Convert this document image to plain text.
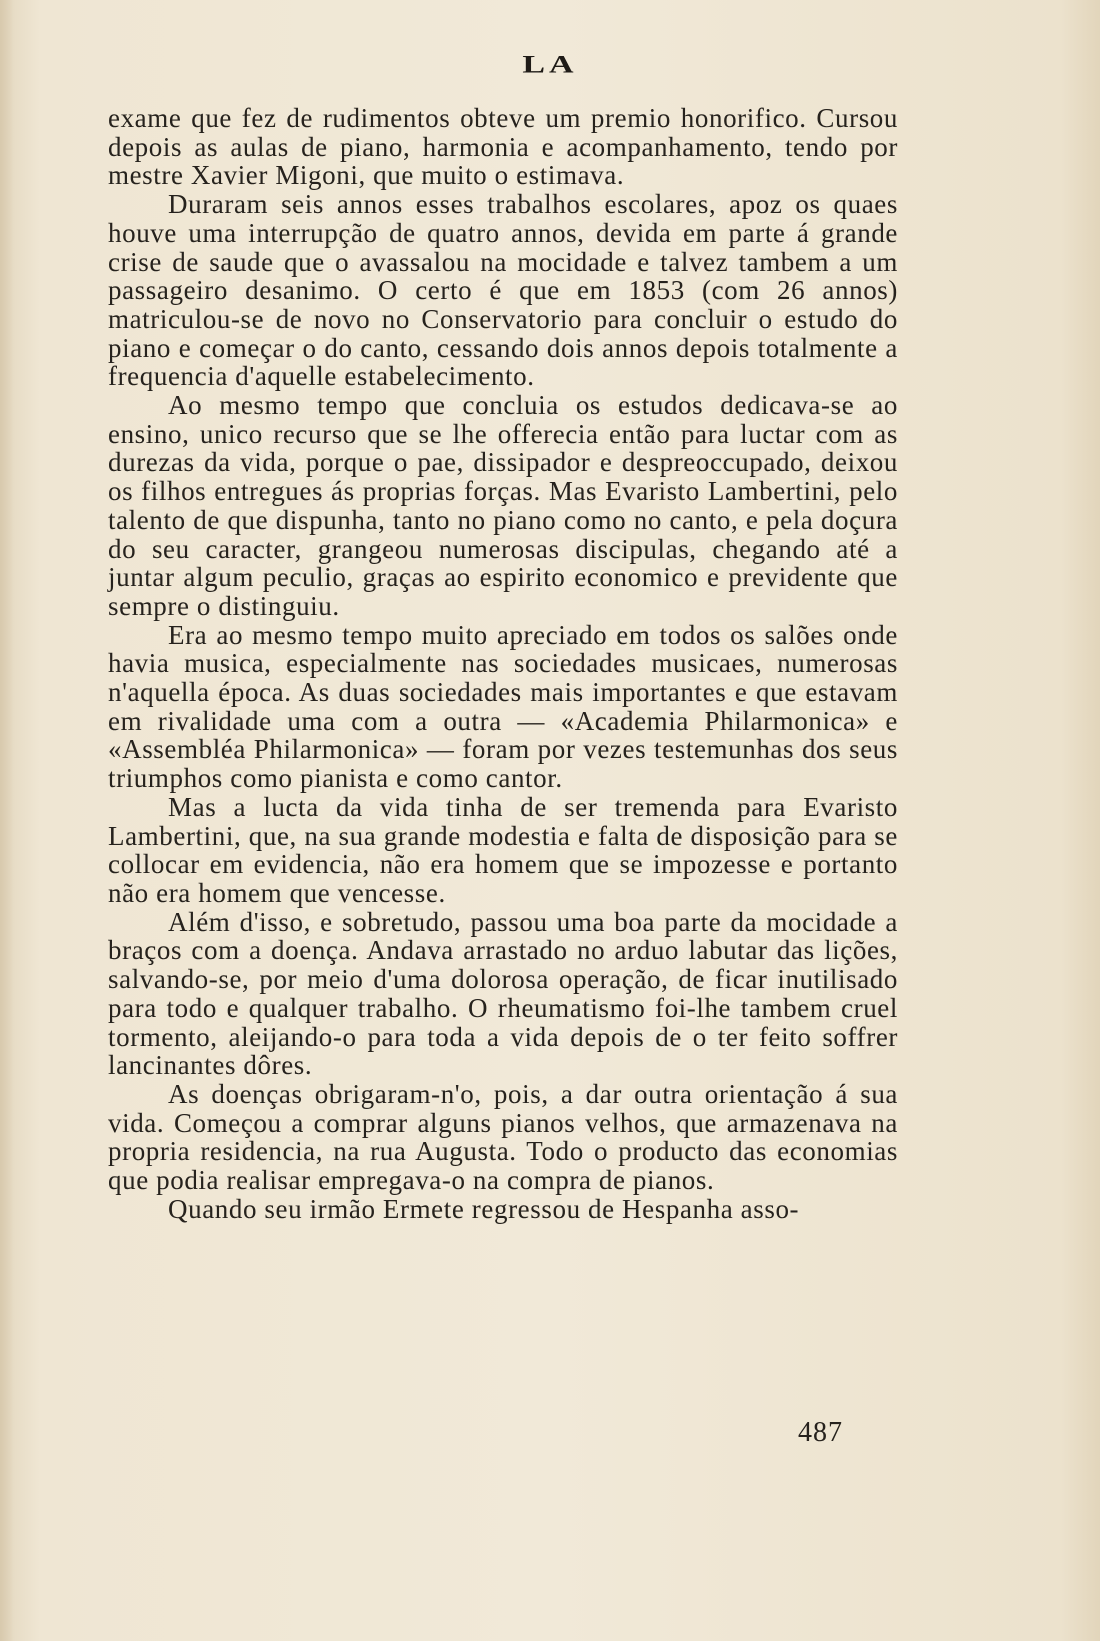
LA

exame que fez de rudimentos obteve um premio honorifico. Cursou depois as aulas de piano, harmonia e acompanhamento, tendo por mestre Xavier Migoni, que muito o estimava.

Duraram seis annos esses trabalhos escolares, apoz os quaes houve uma interrupção de quatro annos, devida em parte á grande crise de saude que o avassalou na mocidade e talvez tambem a um passageiro desanimo. O certo é que em 1853 (com 26 annos) matriculou-se de novo no Conservatorio para concluir o estudo do piano e começar o do canto, cessando dois annos depois totalmente a frequencia d'aquelle estabelecimento.

Ao mesmo tempo que concluia os estudos dedicava-se ao ensino, unico recurso que se lhe offerecia então para luctar com as durezas da vida, porque o pae, dissipador e despreoccupado, deixou os filhos entregues ás proprias forças. Mas Evaristo Lambertini, pelo talento de que dispunha, tanto no piano como no canto, e pela doçura do seu caracter, grangeou numerosas discipulas, chegando até a juntar algum peculio, graças ao espirito economico e previdente que sempre o distinguiu.

Era ao mesmo tempo muito apreciado em todos os salões onde havia musica, especialmente nas sociedades musicaes, numerosas n'aquella época. As duas sociedades mais importantes e que estavam em rivalidade uma com a outra — «Academia Philarmonica» e «Assembléa Philarmonica» — foram por vezes testemunhas dos seus triumphos como pianista e como cantor.

Mas a lucta da vida tinha de ser tremenda para Evaristo Lambertini, que, na sua grande modestia e falta de disposição para se collocar em evidencia, não era homem que se impozesse e portanto não era homem que vencesse.

Além d'isso, e sobretudo, passou uma boa parte da mocidade a braços com a doença. Andava arrastado no arduo labutar das lições, salvando-se, por meio d'uma dolorosa operação, de ficar inutilisado para todo e qualquer trabalho. O rheumatismo foi-lhe tambem cruel tormento, aleijando-o para toda a vida depois de o ter feito soffrer lancinantes dôres.

As doenças obrigaram-n'o, pois, a dar outra orientação á sua vida. Começou a comprar alguns pianos velhos, que armazenava na propria residencia, na rua Augusta. Todo o producto das economias que podia realisar empregava-o na compra de pianos.

Quando seu irmão Ermete regressou de Hespanha asso-

487
